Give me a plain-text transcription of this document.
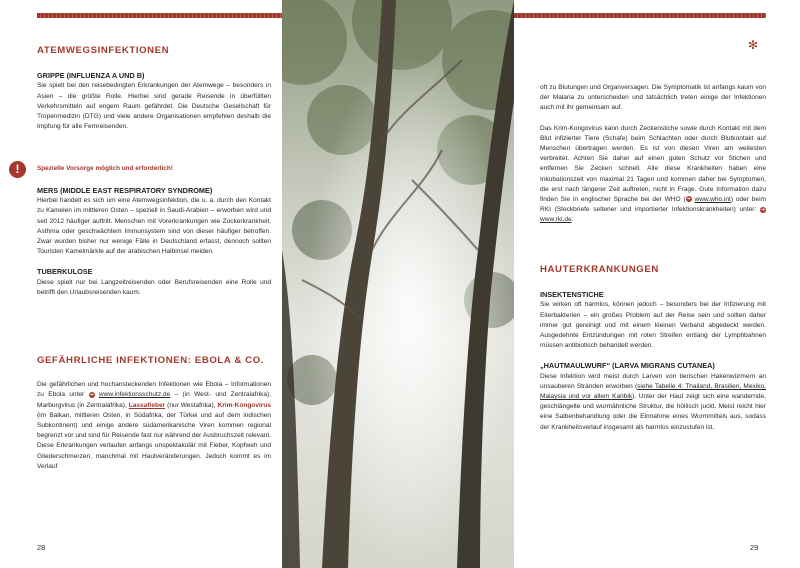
ATEMWEGSINFEKTIONEN
GRIPPE (INFLUENZA A UND B)

Sie spielt bei den reisebedingten Erkrankungen der Atemwege – besonders in Asien – die größte Rolle. Hierbei sind gerade Reisende in überfüllten Verkehrsmitteln auf engem Raum gefährdet. Die Deutsche Gesellschaft für Tropenmedizin (DTG) und viele andere Organisationen empfehlen deshalb die Impfung für alle Fernreisenden.

!	Spezielle Vorsorge möglich und erforderlich!
MERS (MIDDLE EAST RESPIRATORY SYNDROME)

Hierbei handelt es sich um eine Atemwegsinfektion, die u. a. durch den Kontakt zu Kamelen im mittleren Osten – speziell in Saudi-Arabien – erworben wird und seit 2012 häufiger auftritt. Menschen mit Vorerkrankungen wie Zuckerkrankheit, Asthma oder geschwächtem Immunsystem sind von dieser häufiger betroffen. Zwar wurden bisher nur wenige Fälle in Deutschland erfasst, dennoch sollten Touristen Kamelmärkte auf der arabischen Halbinsel meiden.

TUBERKULOSE

Diese spielt nur bei Langzeitreisenden oder Berufsreisenden eine Rolle und betrifft den Urlaubsreisenden kaum.

GEFÄHRLICHE INFEKTIONEN: EBOLA & CO.

Die gefährlichen und hochansteckenden Infektionen wie Ebola – Informationen zu Ebola unter ➔ www.infektionsschutz.de – (in West- und Zentralafrika), Marburgvirus (in Zentralafrika), Lassafieber (nur Westafrika), Krim-Kongovirus (im Balkan, mittleren Osten, in Südafrika, der Türkei und auf dem indischen Subkontinent) und einige andere südamerikanische Viren kommen regional begrenzt vor und sind für Reisende fast nur während der Ausbruchszeit relevant. Diese Erkrankungen verlaufen anfangs unspektakulär mit Fieber, Kopfweh und Gliederschmerzen, manchmal mit Hautveränderungen. Jedoch kommt es im Verlauf

28

oft zu Blutungen und Organversagen. Die Symptomatik ist anfangs kaum von der Malaria zu unterscheiden und tatsächlich treten einige der Infektionen auch mit ihr gemeinsam auf.

Das Krim-Kongovirus kann durch Zeckenstiche sowie durch Kontakt mit dem Blut infizierter Tiere (Schafe) beim Schlachten oder durch Blutkontakt auf Menschen übertragen werden. Es ist von diesen Viren am weitesten verbreitet. Achten Sie daher auf einen guten Schutz vor Stichen und entfernen Sie Zecken schnell. Alle diese Krankheiten haben eine Inkubationszeit von maximal 21 Tagen und kommen daher bei Symptomen, die erst nach längerer Zeit auftreten, nicht in Frage. Gute Information dazu finden Sie in englischer Sprache bei der WHO (➔ www.who.int) oder beim RKI (Steckbriefe seltener und importierter Infektionskrankheiten) unter: ➔ www.rki.de.

HAUTERKRANKUNGEN
INSEKTENSTICHE

Sie wirken oft harmlos, können jedoch – besonders bei der Infizierung mit Eiterbakterien – ein großes Problem auf der Reise sein und sollten daher immer gut gereinigt und mit einem kleinen Verband abgedeckt werden. Ausgedehnte Entzündungen mit roten Streifen entlang der Lymphbahnen müssen antibiotisch behandelt werden.

„HAUTMAULWURF“ (LARVA MIGRANS CUTANEA)

Diese Infektion wird meist durch Larven von tierischen Hakenwürmern an unsauberen Stränden erworben (siehe Tabelle 4: Thailand, Brasilien, Mexiko, Malaysia und vor allem Karibik). Unter der Haut zeigt sich eine wandernde, geschlängelte und wurmähnliche Struktur, die höllisch juckt. Meist reicht hier eine Salbenbehandlung oder die Einnahme eines Wurmmittels aus, sodass der Krankheitsverlauf insgesamt als harmlos einzustufen ist.

29
✻
